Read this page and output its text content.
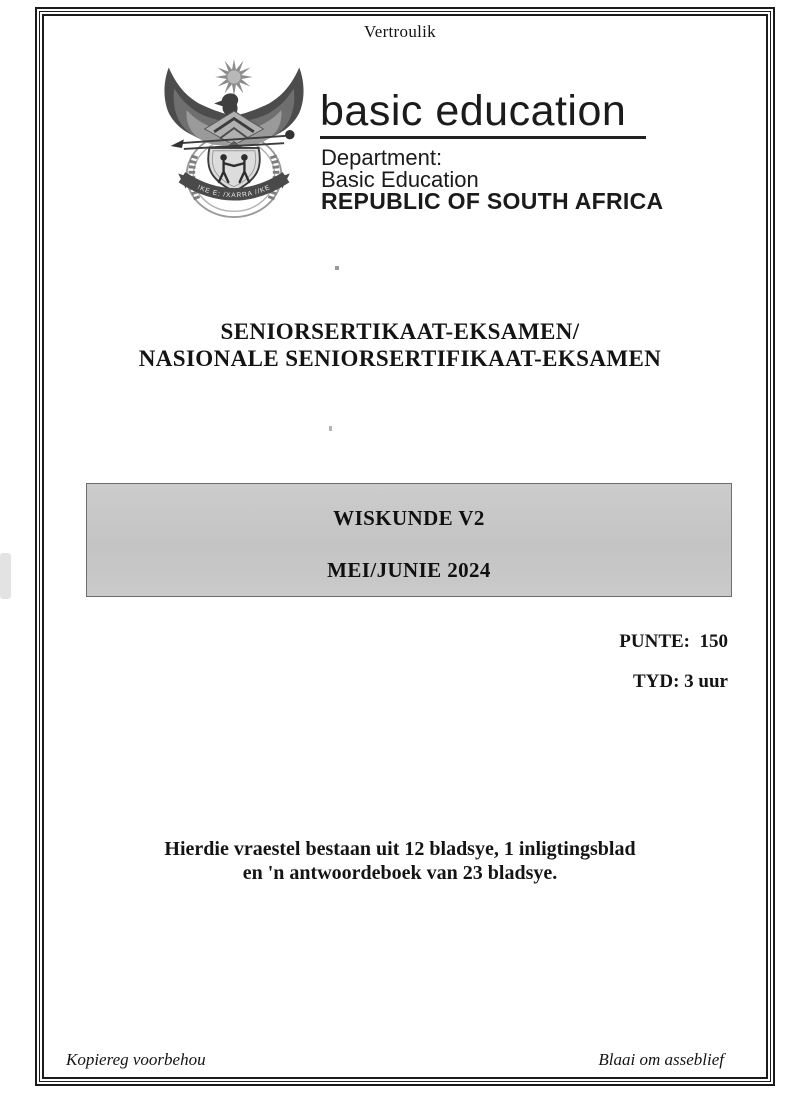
Vertroulik
!KE E: /XARRA //KE
basic education
Department:
Basic Education
REPUBLIC OF SOUTH AFRICA
SENIORSERTIKAAT-EKSAMEN/
NASIONALE SENIORSERTIFIKAAT-EKSAMEN
WISKUNDE V2
MEI/JUNIE 2024
PUNTE:  150
TYD: 3 uur
Hierdie vraestel bestaan uit 12 bladsye, 1 inligtingsblad
en 'n antwoordeboek van 23 bladsye.
Kopiereg voorbehou	Blaai om asseblief
